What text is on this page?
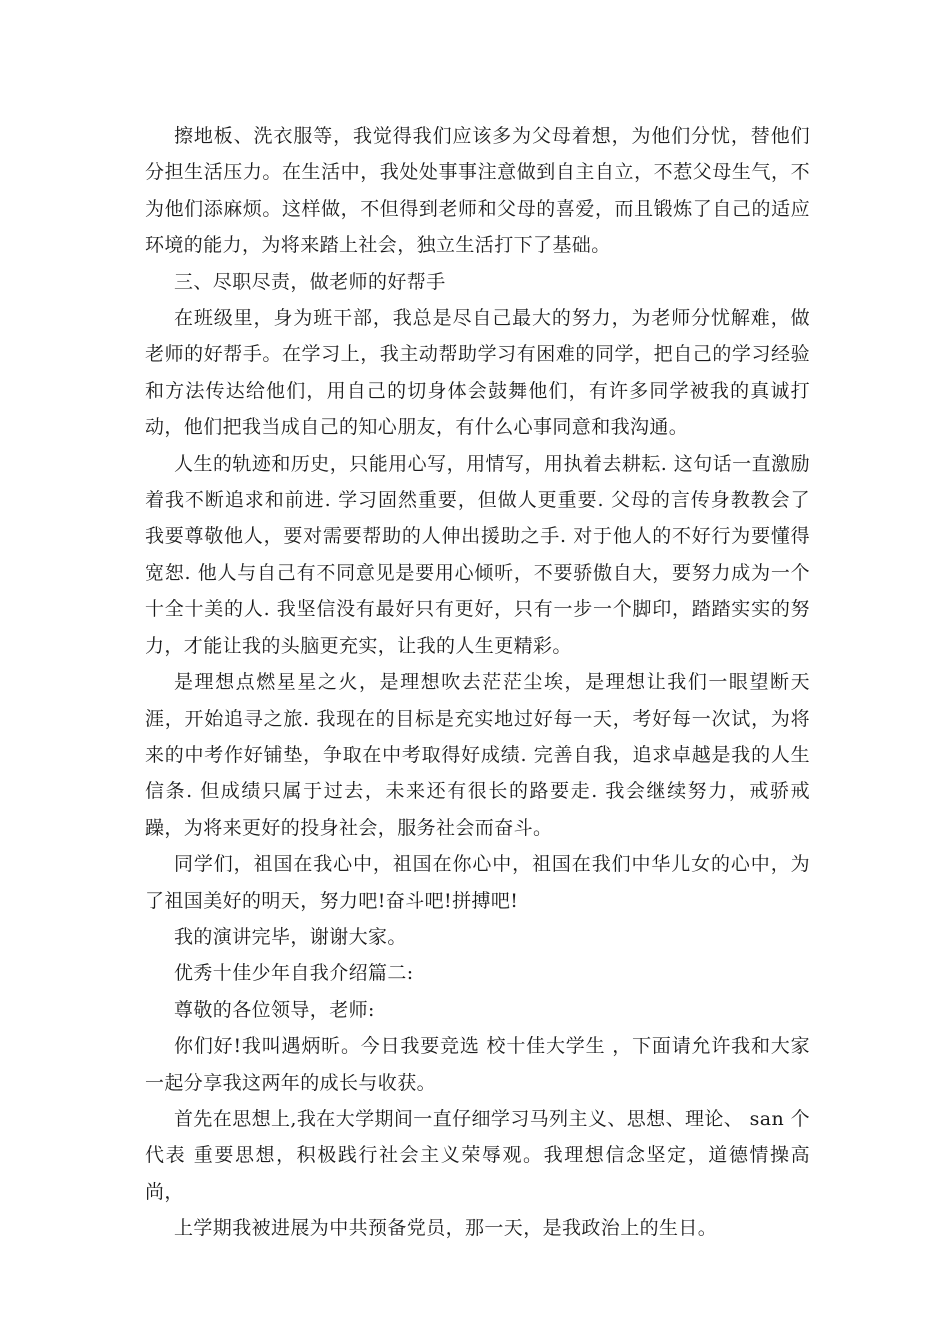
擦地板、洗衣服等，我觉得我们应该多为父母着想，为他们分忧，替他们分担生活压力。在生活中，我处处事事注意做到自主自立，不惹父母生气，不为他们添麻烦。这样做，不但得到老师和父母的喜爱，而且锻炼了自己的适应环境的能力，为将来踏上社会，独立生活打下了基础。

三、尽职尽责，做老师的好帮手

在班级里，身为班干部，我总是尽自己最大的努力，为老师分忧解难，做老师的好帮手。在学习上，我主动帮助学习有困难的同学，把自己的学习经验和方法传达给他们，用自己的切身体会鼓舞他们，有许多同学被我的真诚打动，他们把我当成自己的知心朋友，有什么心事同意和我沟通。

人生的轨迹和历史，只能用心写，用情写，用执着去耕耘. 这句话一直激励着我不断追求和前进. 学习固然重要，但做人更重要. 父母的言传身教教会了我要尊敬他人，要对需要帮助的人伸出援助之手. 对于他人的不好行为要懂得宽恕. 他人与自己有不同意见是要用心倾听，不要骄傲自大，要努力成为一个十全十美的人. 我坚信没有最好只有更好，只有一步一个脚印，踏踏实实的努力，才能让我的头脑更充实，让我的人生更精彩。

是理想点燃星星之火，是理想吹去茫茫尘埃，是理想让我们一眼望断天涯，开始追寻之旅. 我现在的目标是充实地过好每一天，考好每一次试，为将来的中考作好铺垫，争取在中考取得好成绩. 完善自我，追求卓越是我的人生信条. 但成绩只属于过去，未来还有很长的路要走. 我会继续努力，戒骄戒躁，为将来更好的投身社会，服务社会而奋斗。

同学们，祖国在我心中，祖国在你心中，祖国在我们中华儿女的心中，为了祖国美好的明天，努力吧!奋斗吧!拼搏吧!

我的演讲完毕，谢谢大家。

优秀十佳少年自我介绍篇二:

尊敬的各位领导，老师:

你们好!我叫遇炳昕。今日我要竞选 校十佳大学生 ，下面请允许我和大家一起分享我这两年的成长与收获。

首先在思想上,我在大学期间一直仔细学习马列主义、思想、理论、 san 个代表 重要思想，积极践行社会主义荣辱观。我理想信念坚定，道德情操高尚，

上学期我被进展为中共预备党员，那一天，是我政治上的生日。
